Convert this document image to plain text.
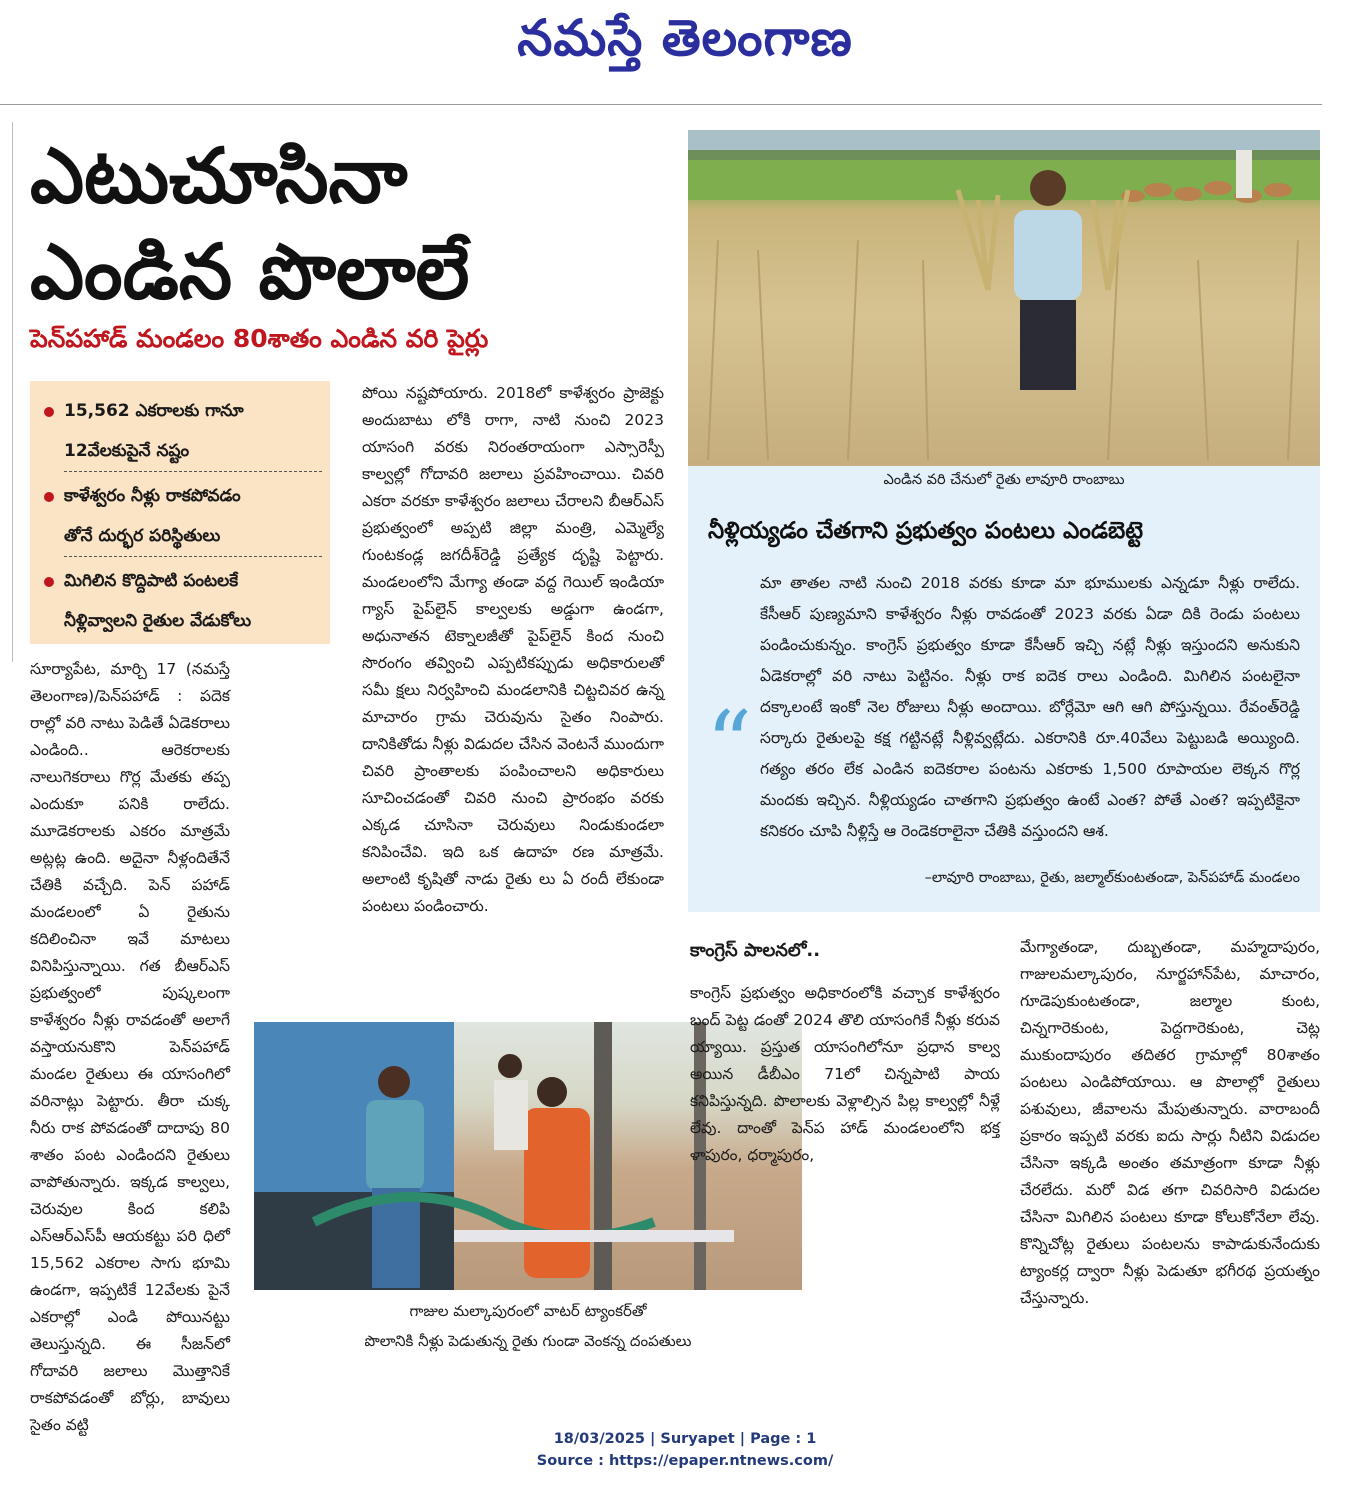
నమస్తే తెలంగాణ
ఎటుచూసినా
ఎండిన పొలాలే
పెన్‌పహాడ్ మండలం 80శాతం ఎండిన వరి పైర్లు
15,562 ఎకరాలకు గానూ
12వేలకుపైనే నష్టం
కాళేశ్వరం నీళ్లు రాకపోవడం
తోనే దుర్భర పరిస్థితులు
మిగిలిన కొద్దిపాటి పంటలకే
నీళ్లివ్వాలని రైతుల వేడుకోలు
సూర్యాపేట, మార్చి 17 (నమస్తే తెలంగాణ)/పెన్‌పహాడ్ : పదెక రాల్లో వరి నాటు పెడితే ఏడెకరాలు ఎండింది.. ఆరెకరాలకు నాలుగెకరాలు గొర్ల మేతకు తప్ప ఎందుకూ పనికి రాలేదు. మూడెకరాలకు ఎకరం మాత్రమే అట్లట్ల ఉంది. అదైనా నీళ్లందితేనే చేతికి వచ్చేది. పెన్‌ పహాడ్ మండలంలో ఏ రైతును కదిలించినా ఇవే మాటలు వినిపిస్తున్నాయి. గత బీఆర్‌ఎస్ ప్రభుత్వంలో పుష్కలంగా కాళేశ్వరం నీళ్లు రావడంతో అలాగే వస్తాయనుకొని పెన్‌పహాడ్ మండల రైతులు ఈ యాసంగిలో వరినాట్లు పెట్టారు. తీరా చుక్క నీరు రాక పోవడంతో దాదాపు 80 శాతం పంట ఎండిందని రైతులు వాపోతున్నారు. ఇక్కడ కాల్వలు, చెరువుల కింద కలిపి ఎస్‌ఆర్‌ఎస్‌పీ ఆయకట్టు పరి ధిలో 15,562 ఎకరాల సాగు భూమి ఉండగా, ఇప్పటికే 12వేలకు పైనే ఎకరాల్లో ఎండి పోయినట్టు తెలుస్తున్నది. ఈ సీజన్‌లో గోదావరి జలాలు మొత్తానికే రాకపోవడంతో బోర్లు, బావులు సైతం వట్టి
పోయి నష్టపోయారు. 2018లో కాళేశ్వరం ప్రాజెక్టు అందుబాటు లోకి రాగా, నాటి నుంచి 2023 యాసంగి వరకు నిరంతరాయంగా ఎస్సారెస్పీ కాల్వల్లో గోదావరి జలాలు ప్రవహించాయి. చివరి ఎకరా వరకూ కాళేశ్వరం జలాలు చేరాలని బీఆర్‌ఎస్ ప్రభుత్వంలో అప్పటి జిల్లా మంత్రి, ఎమ్మెల్యే గుంటకండ్ల జగదీశ్‌రెడ్డి ప్రత్యేక దృష్టి పెట్టారు. మండలంలోని మేగ్యా తండా వద్ద గెయిల్ ఇండియా గ్యాస్ పైప్‌లైన్ కాల్వలకు అడ్డుగా ఉండగా, అధునాతన టెక్నాలజీతో పైప్‌లైన్ కింద నుంచి సొరంగం తవ్వించి ఎప్పటికప్పుడు అధికారులతో సమీ క్షలు నిర్వహించి మండలానికి చిట్టచివర ఉన్న మాచారం గ్రామ చెరువును సైతం నింపారు. దానికితోడు నీళ్లు విడుదల చేసిన వెంటనే ముందుగా చివరి ప్రాంతాలకు పంపించాలని అధికారులు సూచించడంతో చివరి నుంచి ప్రారంభం వరకు ఎక్కడ చూసినా చెరువులు నిండుకుండలా కనిపించేవి. ఇది ఒక ఉదాహ రణ మాత్రమే. అలాంటి కృషితో నాడు రైతు లు ఏ రందీ లేకుండా పంటలు పండించారు.
ఎండిన వరి చేనులో రైతు లావూరి రాంబాబు
నీళ్లియ్యడం చేతగాని ప్రభుత్వం పంటలు ఎండబెట్టె
“
మా తాతల నాటి నుంచి 2018 వరకు కూడా మా భూములకు ఎన్నడూ నీళ్లు రాలేదు. కేసీఆర్ పుణ్యమాని కాళేశ్వరం నీళ్లు రావడంతో 2023 వరకు ఏడా దికి రెండు పంటలు పండించుకున్నం. కాంగ్రెస్ ప్రభుత్వం కూడా కేసీఆర్ ఇచ్చి నట్లే నీళ్లు ఇస్తుందని అనుకుని ఏడెకరాల్లో వరి నాటు పెట్టినం. నీళ్లు రాక ఐదెక రాలు ఎండింది. మిగిలిన పంటలైనా దక్కాలంటే ఇంకో నెల రోజులు నీళ్లు అందాయి. బోర్లేమో ఆగి ఆగి పోస్తున్నయి. రేవంత్‌రెడ్డి సర్కారు రైతులపై కక్ష గట్టినట్లే నీళ్లివ్వట్లేదు. ఎకరానికి రూ.40వేలు పెట్టుబడి అయ్యింది. గత్యం తరం లేక ఎండిన ఐదెకరాల పంటను ఎకరాకు 1,500 రూపాయల లెక్కన గొర్ల మందకు ఇచ్చిన. నీళ్లియ్యడం చాతగాని ప్రభుత్వం ఉంటే ఎంత? పోతే ఎంత? ఇప్పటికైనా కనికరం చూపి నీళ్లిస్తే ఆ రెండెకరాలైనా చేతికి వస్తుందని ఆశ.
–లావూరి రాంబాబు, రైతు, జల్మాల్‌కుంటతండా, పెన్‌పహాడ్ మండలం
గాజుల మల్కాపురంలో వాటర్ ట్యాంకర్‌తో
పొలానికి నీళ్లు పెడుతున్న రైతు గుండా వెంకన్న దంపతులు
కాంగ్రెస్ పాలనలో..
కాంగ్రెస్ ప్రభుత్వం అధికారంలోకి వచ్చాక కాళేశ్వరం బంద్ పెట్ట డంతో 2024 తొలి యాసంగికే నీళ్లు కరువ య్యాయి. ప్రస్తుత యాసంగిలోనూ ప్రధాన కాల్వ అయిన డీబీఎం 71లో చిన్నపాటి పాయ కనిపిస్తున్నది. పొలాలకు వెళ్లాల్సిన పిల్ల కాల్వల్లో నీళ్లే లేవు. దాంతో పెన్‌ప హాడ్ మండలంలోని భక్త ళాపురం, ధర్మాపురం,
మేగ్యాతండా, దుబ్బతండా, మహ్మదాపురం, గాజులమల్కాపురం, నూర్జహాన్‌పేట, మాచారం, గూడెపుకుంటతండా, జల్మాల కుంట, చిన్నగారెకుంట, పెద్దగారెకుంట, చెట్ల ముకుందాపురం తదితర గ్రామాల్లో 80శాతం పంటలు ఎండిపోయాయి. ఆ పొలాల్లో రైతులు పశువులు, జీవాలను మేపుతున్నారు. వారాబందీ ప్రకారం ఇప్పటి వరకు ఐదు సార్లు నీటిని విడుదల చేసినా ఇక్కడి అంతం తమాత్రంగా కూడా నీళ్లు చేరలేదు. మరో విడ తగా చివరిసారి విడుదల చేసినా మిగిలిన పంటలు కూడా కోలుకోనేలా లేవు. కొన్నిచోట్ల రైతులు పంటలను కాపాడుకునేందుకు ట్యాంకర్ల ద్వారా నీళ్లు పెడుతూ భగీరథ ప్రయత్నం చేస్తున్నారు.
18/03/2025 | Suryapet | Page : 1
Source : https://epaper.ntnews.com/
